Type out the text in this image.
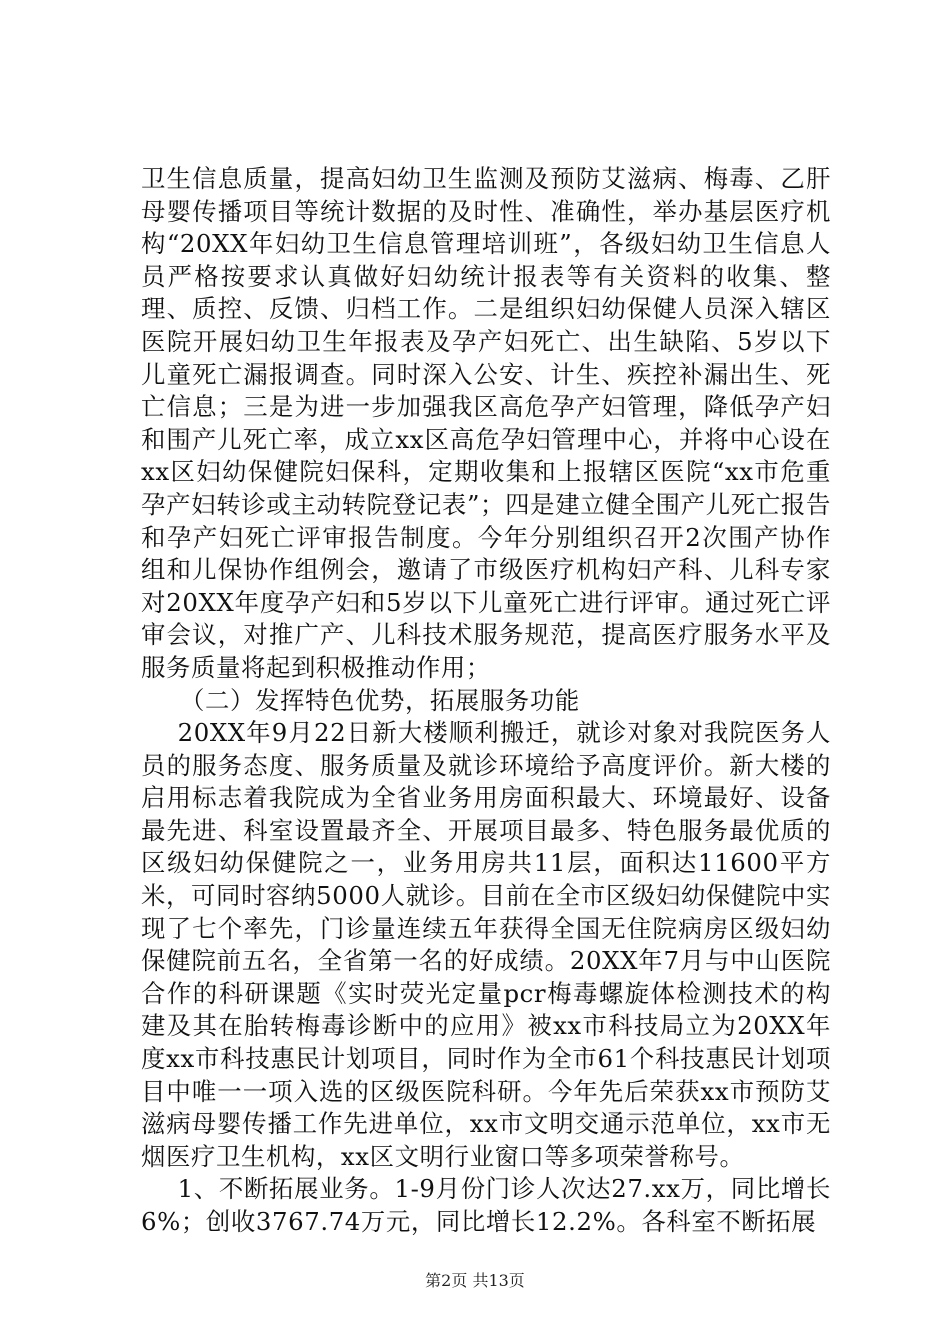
卫生信息质量，提高妇幼卫生监测及预防艾滋病、梅毒、乙肝母婴传播项目等统计数据的及时性、准确性，举办基层医疗机构“20XX年妇幼卫生信息管理培训班”，各级妇幼卫生信息人员严格按要求认真做好妇幼统计报表等有关资料的收集、整理、质控、反馈、归档工作。二是组织妇幼保健人员深入辖区医院开展妇幼卫生年报表及孕产妇死亡、出生缺陷、5岁以下儿童死亡漏报调查。同时深入公安、计生、疾控补漏出生、死亡信息；三是为进一步加强我区高危孕产妇管理，降低孕产妇和围产儿死亡率，成立xx区高危孕妇管理中心，并将中心设在xx区妇幼保健院妇保科，定期收集和上报辖区医院“xx市危重孕产妇转诊或主动转院登记表”；四是建立健全围产儿死亡报告和孕产妇死亡评审报告制度。今年分别组织召开2次围产协作组和儿保协作组例会，邀请了市级医疗机构妇产科、儿科专家对20XX年度孕产妇和5岁以下儿童死亡进行评审。通过死亡评审会议，对推广产、儿科技术服务规范，提高医疗服务水平及服务质量将起到积极推动作用；

（二）发挥特色优势，拓展服务功能

20XX年9月22日新大楼顺利搬迁，就诊对象对我院医务人员的服务态度、服务质量及就诊环境给予高度评价。新大楼的启用标志着我院成为全省业务用房面积最大、环境最好、设备最先进、科室设置最齐全、开展项目最多、特色服务最优质的区级妇幼保健院之一，业务用房共11层，面积达11600平方米，可同时容纳5000人就诊。目前在全市区级妇幼保健院中实现了七个率先，门诊量连续五年获得全国无住院病房区级妇幼保健院前五名，全省第一名的好成绩。20XX年7月与中山医院合作的科研课题《实时荧光定量pcr梅毒螺旋体检测技术的构建及其在胎转梅毒诊断中的应用》被xx市科技局立为20XX年度xx市科技惠民计划项目，同时作为全市61个科技惠民计划项目中唯一一项入选的区级医院科研。今年先后荣获xx市预防艾滋病母婴传播工作先进单位，xx市文明交通示范单位，xx市无烟医疗卫生机构，xx区文明行业窗口等多项荣誉称号。

1、不断拓展业务。1-9月份门诊人次达27.xx万，同比增长6%；创收3767.74万元，同比增长12.2%。各科室不断拓展

第2页 共13页
